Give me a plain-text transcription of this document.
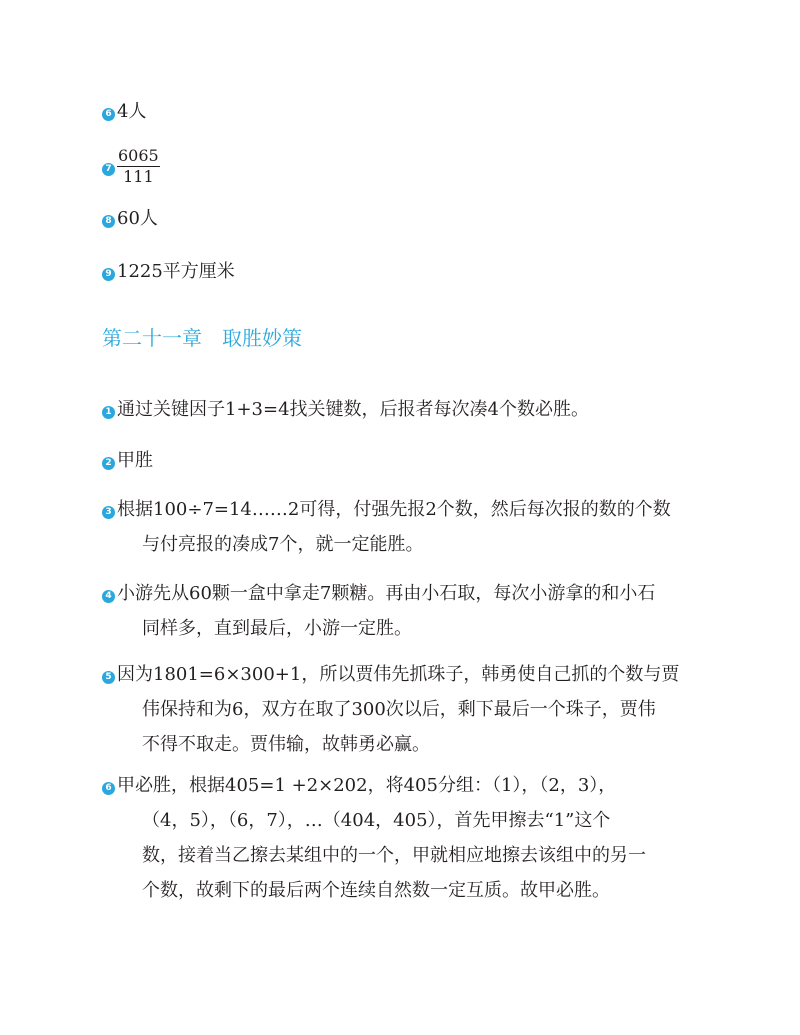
6 4人
$7 \frac{6065}{111}$
8 60人
9 1225平方厘米
第二十一章　取胜妙策
1 通过关键因子1+3=4找关键数，后报者每次凑4个数必胜。
2 甲胜
3 根据100÷7=14……2可得，付强先报2个数，然后每次报的数的个数
与付亮报的凑成7个，就一定能胜。
4 小游先从60颗一盒中拿走7颗糖。再由小石取，每次小游拿的和小石
同样多，直到最后，小游一定胜。
5 因为1801=6×300+1，所以贾伟先抓珠子，韩勇使自己抓的个数与贾
伟保持和为6，双方在取了300次以后，剩下最后一个珠子，贾伟
不得不取走。贾伟输，故韩勇必赢。
6 甲必胜，根据405=1 +2×202，将405分组：（1），（2，3），
（4，5），（6，7），…（404，405），首先甲擦去“1”这个
数，接着当乙擦去某组中的一个，甲就相应地擦去该组中的另一
个数，故剩下的最后两个连续自然数一定互质。故甲必胜。
